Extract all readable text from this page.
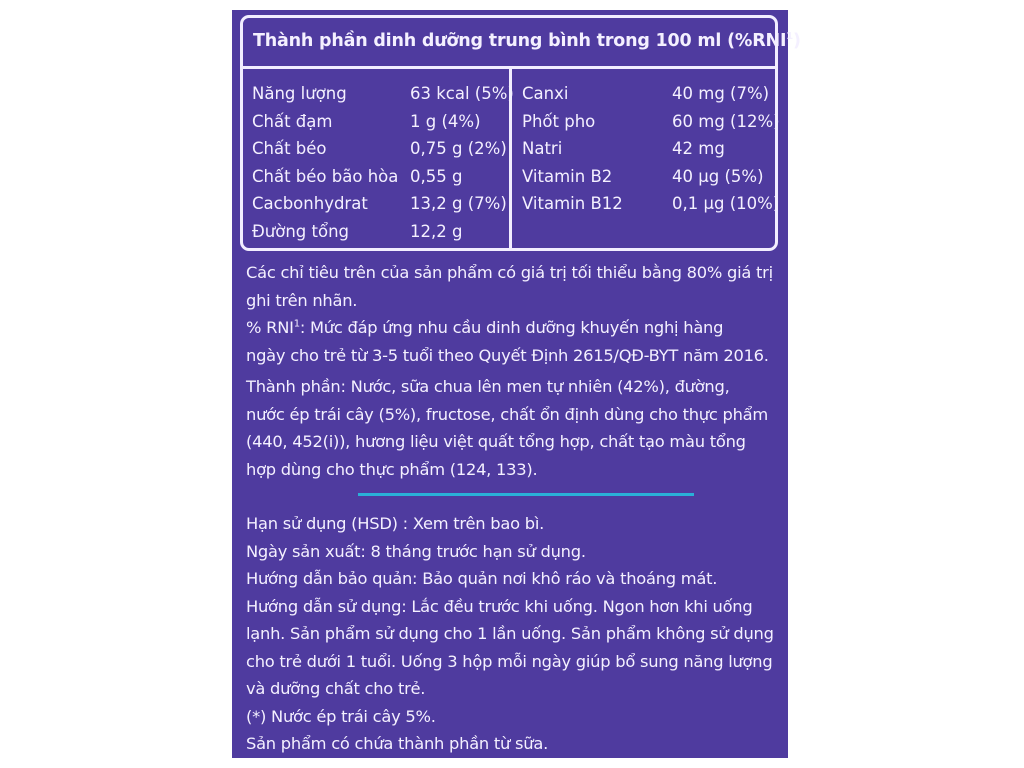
Thành phần dinh dưỡng trung bình trong 100 ml (%RNI$^1$)
Năng lượng	63 kcal (5%)
Chất đạm	1 g (4%)
Chất béo	0,75 g (2%)
Chất béo bão hòa 0,55 g
Cacbonhydrat	13,2 g (7%)
Đường tổng	12,2 g
Canxi	40 mg (7%)
Phốt pho	60 mg (12%)
Natri	42 mg
Vitamin B2	40 µg (5%)
Vitamin B12	0,1 µg (10%)
Các chỉ tiêu trên của sản phẩm có giá trị tối thiểu bằng 80% giá trị
ghi trên nhãn.
% RNI$^1$: Mức đáp ứng nhu cầu dinh dưỡng khuyến nghị hàng
ngày cho trẻ từ 3-5 tuổi theo Quyết Định 2615/QĐ-BYT năm 2016.
Thành phần: Nước, sữa chua lên men tự nhiên (42%), đường,
nước ép trái cây (5%), fructose, chất ổn định dùng cho thực phẩm
(440, 452(i)), hương liệu việt quất tổng hợp, chất tạo màu tổng
hợp dùng cho thực phẩm (124, 133).
Hạn sử dụng (HSD) : Xem trên bao bì.
Ngày sản xuất: 8 tháng trước hạn sử dụng.
Hướng dẫn bảo quản: Bảo quản nơi khô ráo và thoáng mát.
Hướng dẫn sử dụng: Lắc đều trước khi uống. Ngon hơn khi uống
lạnh. Sản phẩm sử dụng cho 1 lần uống. Sản phẩm không sử dụng
cho trẻ dưới 1 tuổi. Uống 3 hộp mỗi ngày giúp bổ sung năng lượng
và dưỡng chất cho trẻ.
(*) Nước ép trái cây 5%.
Sản phẩm có chứa thành phần từ sữa.
